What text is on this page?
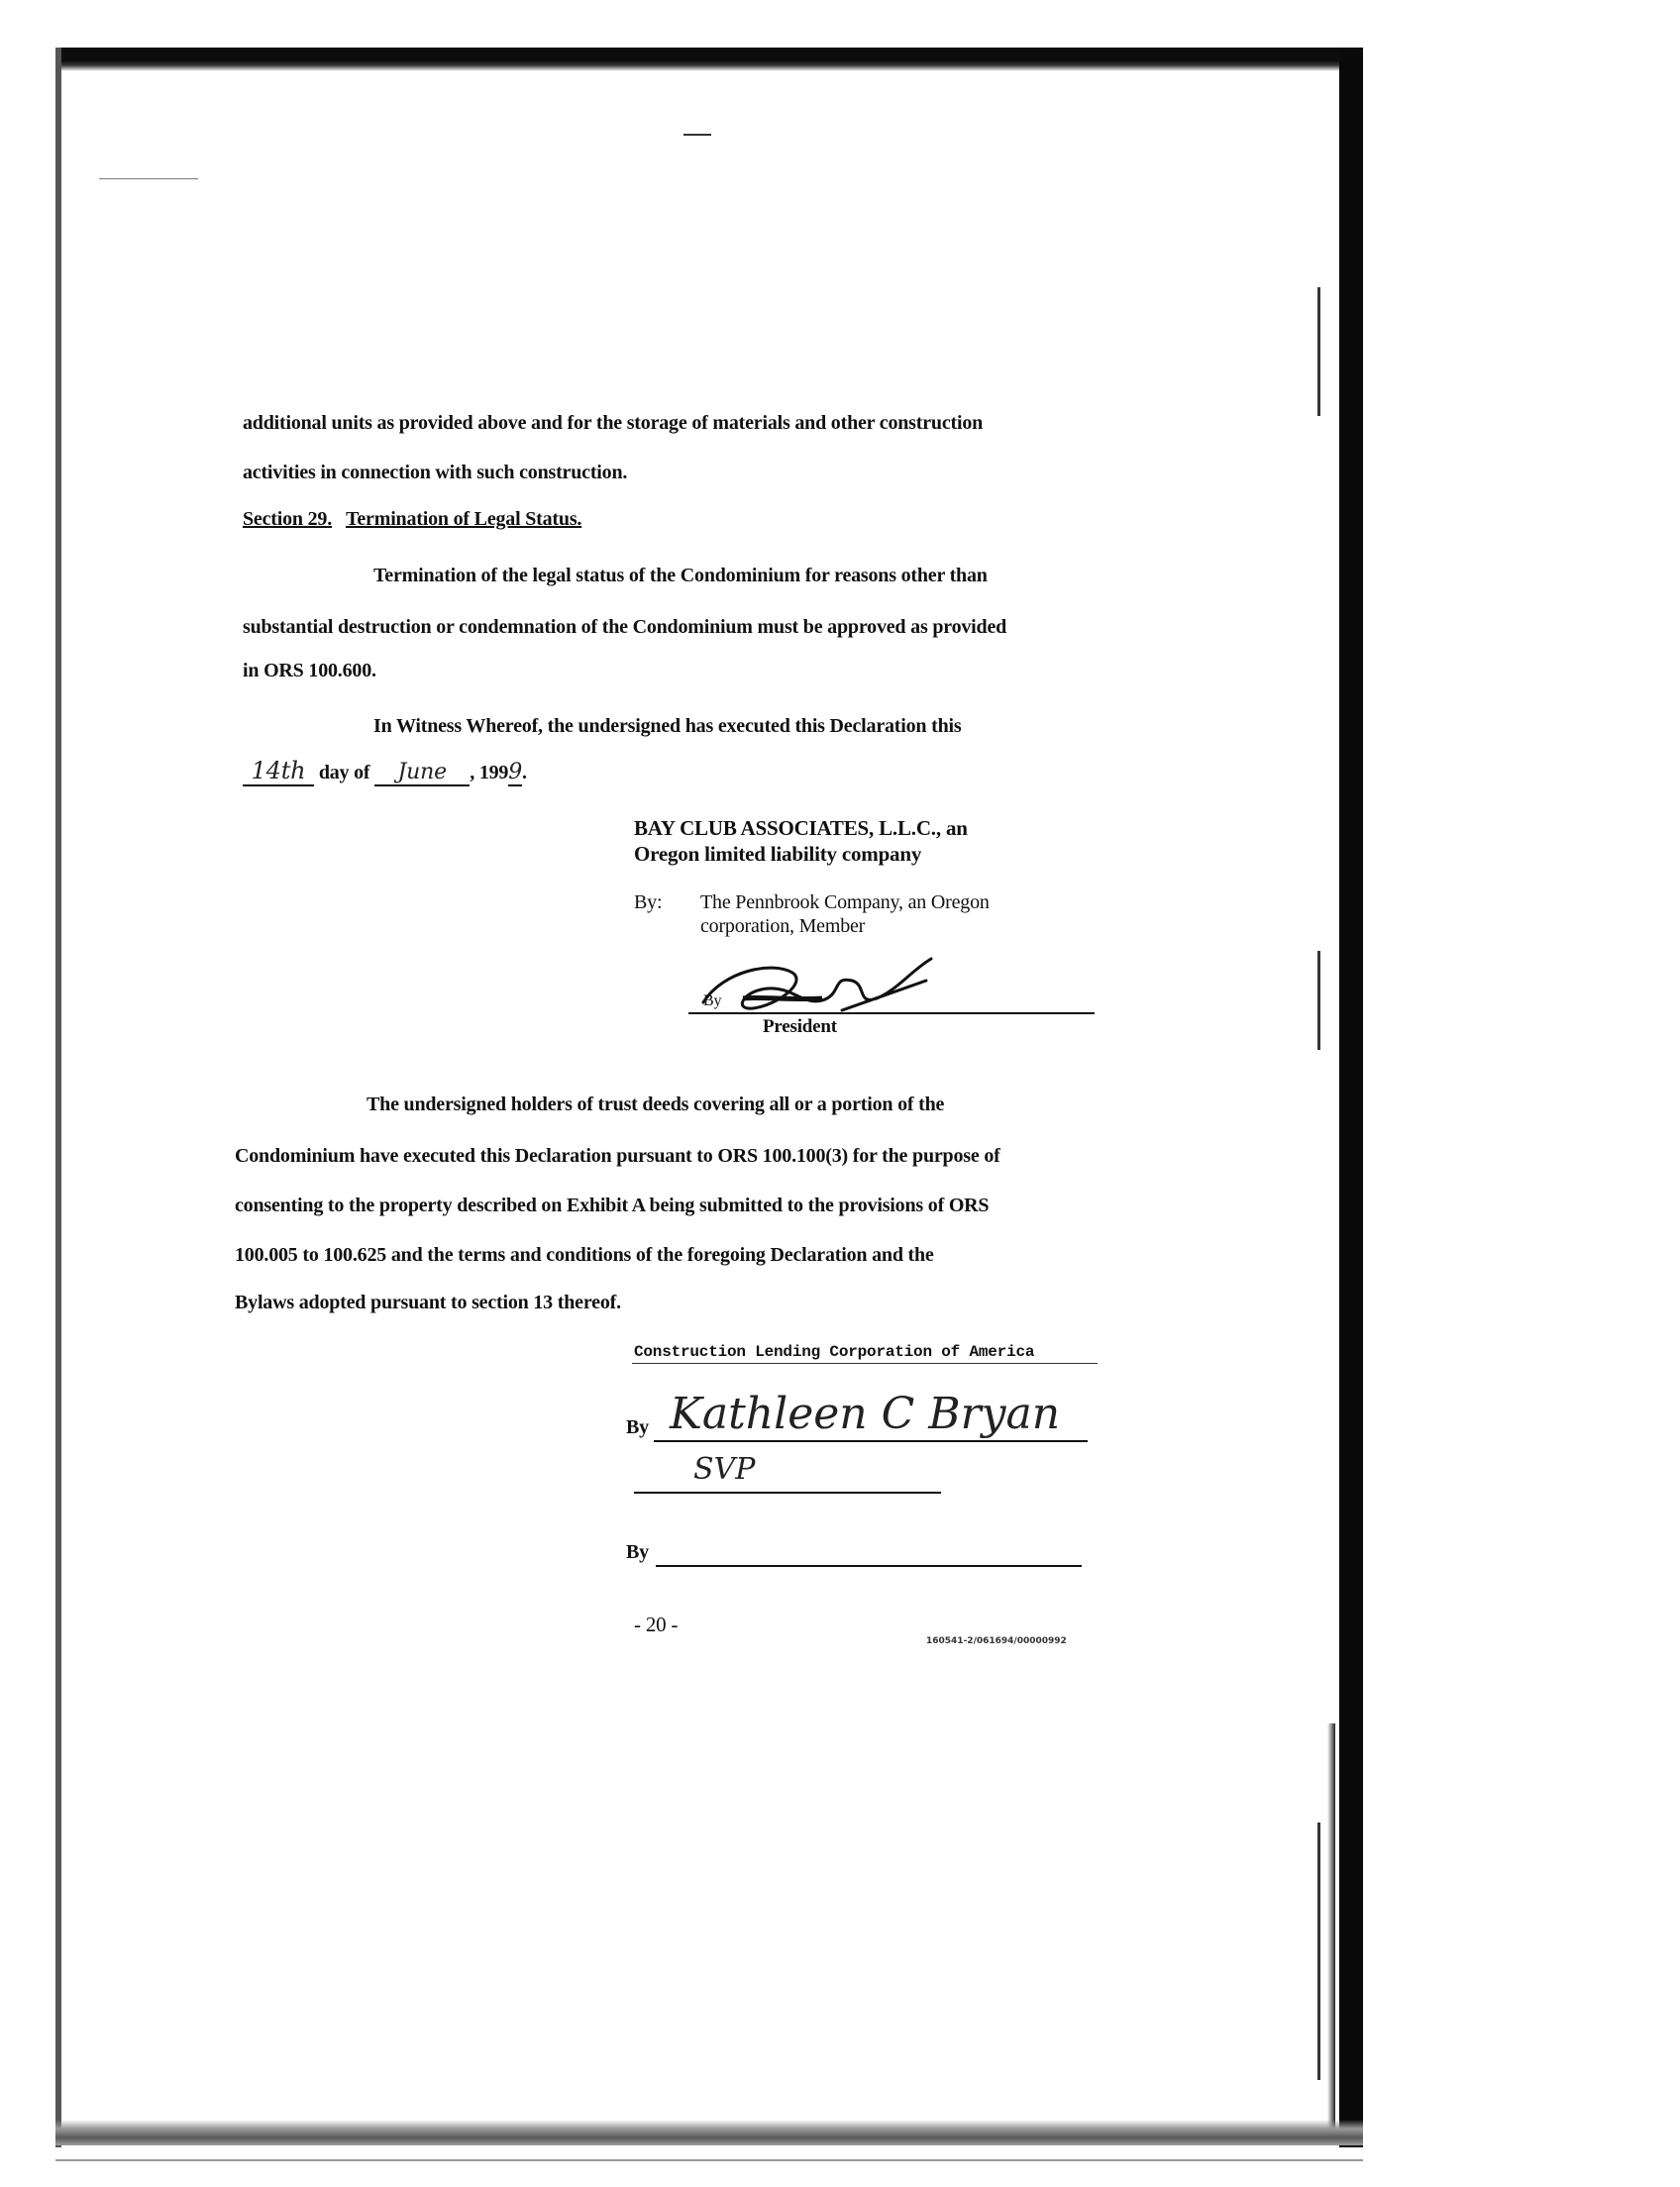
additional units as provided above and for the storage of materials and other construction
activities in connection with such construction.
Section 29. Termination of Legal Status.
Termination of the legal status of the Condominium for reasons other than
substantial destruction or condemnation of the Condominium must be approved as provided
in ORS 100.600.
In Witness Whereof, the undersigned has executed this Declaration this
14th day of June , 1999.
BAY CLUB ASSOCIATES, L.L.C., an
Oregon limited liability company
By: The Pennbrook Company, an Oregon
corporation, Member
By
President
The undersigned holders of trust deeds covering all or a portion of the
Condominium have executed this Declaration pursuant to ORS 100.100(3) for the purpose of
consenting to the property described on Exhibit A being submitted to the provisions of ORS
100.005 to 100.625 and the terms and conditions of the foregoing Declaration and the
Bylaws adopted pursuant to section 13 thereof.
Construction Lending Corporation of America
By Kathleen C Bryan
SVP
By
- 20 -
160541-2/061694/00000992
